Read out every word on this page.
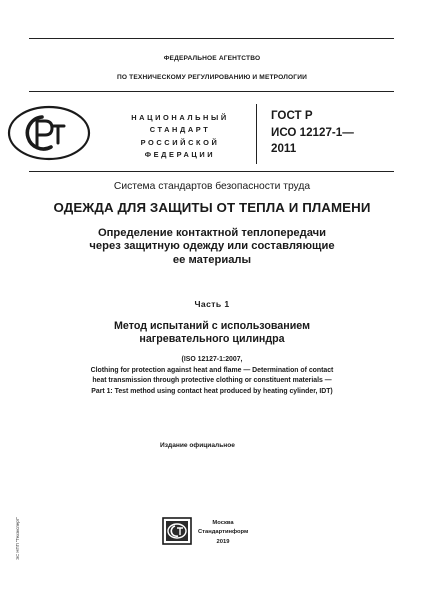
ФЕДЕРАЛЬНОЕ АГЕНТСТВО
ПО ТЕХНИЧЕСКОМУ РЕГУЛИРОВАНИЮ И МЕТРОЛОГИИ
НАЦИОНАЛЬНЫЙ
СТАНДАРТ
РОССИЙСКОЙ
ФЕДЕРАЦИИ
ГОСТ Р
ИСО 12127-1—
2011
Система стандартов безопасности труда
ОДЕЖДА ДЛЯ ЗАЩИТЫ ОТ ТЕПЛА И ПЛАМЕНИ
Определение контактной теплопередачи
через защитную одежду или составляющие
ее материалы
Часть 1
Метод испытаний с использованием
нагревательного цилиндра
(ISO 12127-1:2007,
Clothing for protection against heat and flame — Determination of contact
heat transmission through protective clothing or constituent materials —
Part 1: Test method using contact heat produced by heating cylinder, IDT)
Издание официальное
Москва
Стандартинформ
2019
ЭС НПП "Техэксперт"
